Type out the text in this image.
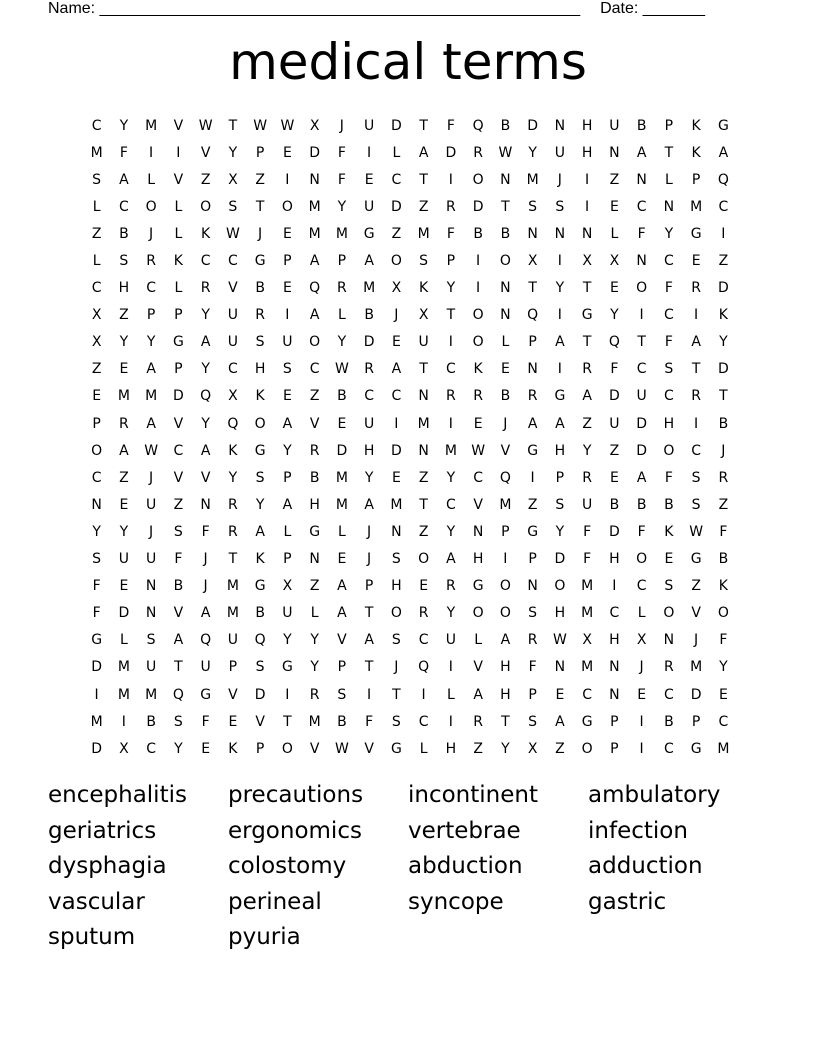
Name: ______________________________________________________ Date: _______
medical terms
C	Y	M	V	W	T	W W	X	J	U	D	T	F	Q	B	D	N	H	U	B	P	K	G
M	F	I	I	V	Y	P	E	D	F	I	L	A	D	R	W	Y	U	H	N	A	T	K	A
S	A	L	V	Z	X	Z	I	N	F	E	C	T	I	O	N	M	J	I	Z	N	L	P	Q
L	C	O	L	O	S	T	O	M	Y	U	D	Z	R	D	T	S	S	I	E	C	N	M	C
Z	B	J	L	K	W	J	E	M	M	G	Z	M	F	B	B	N	N	N	L	F	Y	G	I
L	S	R	K	C	C	G	P	A	P	A	O	S	P	I	O	X	I	X	X	N	C	E	Z
C	H	C	L	R	V	B	E	Q	R	M	X	K	Y	I	N	T	Y	T	E	O	F	R	D
X	Z	P	P	Y	U	R	I	A	L	B	J	X	T	O	N	Q	I	G	Y	I	C	I	K
X	Y	Y	G	A	U	S	U	O	Y	D	E	U	I	O	L	P	A	T	Q	T	F	A	Y
Z	E	A	P	Y	C	H	S	C	W	R	A	T	C	K	E	N	I	R	F	C	S	T	D
E	M	M	D	Q	X	K	E	Z	B	C	C	N	R	R	B	R	G	A	D	U	C	R	T
P	R	A	V	Y	Q	O	A	V	E	U	I	M	I	E	J	A	A	Z	U	D	H	I	B
O	A	W	C	A	K	G	Y	R	D	H	D	N	M	W	V	G	H	Y	Z	D	O	C	J
C	Z	J	V	V	Y	S	P	B	M	Y	E	Z	Y	C	Q	I	P	R	E	A	F	S	R
N	E	U	Z	N	R	Y	A	H	M	A	M	T	C	V	M	Z	S	U	B	B	B	S	Z
Y	Y	J	S	F	R	A	L	G	L	J	N	Z	Y	N	P	G	Y	F	D	F	K	W	F
S	U	U	F	J	T	K	P	N	E	J	S	O	A	H	I	P	D	F	H	O	E	G	B
F	E	N	B	J	M	G	X	Z	A	P	H	E	R	G	O	N	O	M	I	C	S	Z	K
F	D	N	V	A	M	B	U	L	A	T	O	R	Y	O	O	S	H	M	C	L	O	V	O
G	L	S	A	Q	U	Q	Y	Y	V	A	S	C	U	L	A	R	W	X	H	X	N	J	F
D	M	U	T	U	P	S	G	Y	P	T	J	Q	I	V	H	F	N	M	N	J	R	M	Y
I	M	M	Q	G	V	D	I	R	S	I	T	I	L	A	H	P	E	C	N	E	C	D	E
M	I	B	S	F	E	V	T	M	B	F	S	C	I	R	T	S	A	G	P	I	B	P	C
D	X	C	Y	E	K	P	O	V	W	V	G	L	H	Z	Y	X	Z	O	P	I	C	G	M
encephalitis	precautions	incontinent	ambulatory
geriatrics	ergonomics	vertebrae	infection
dysphagia	colostomy	abduction	adduction
vascular	perineal	syncope	gastric
sputum	pyuria
